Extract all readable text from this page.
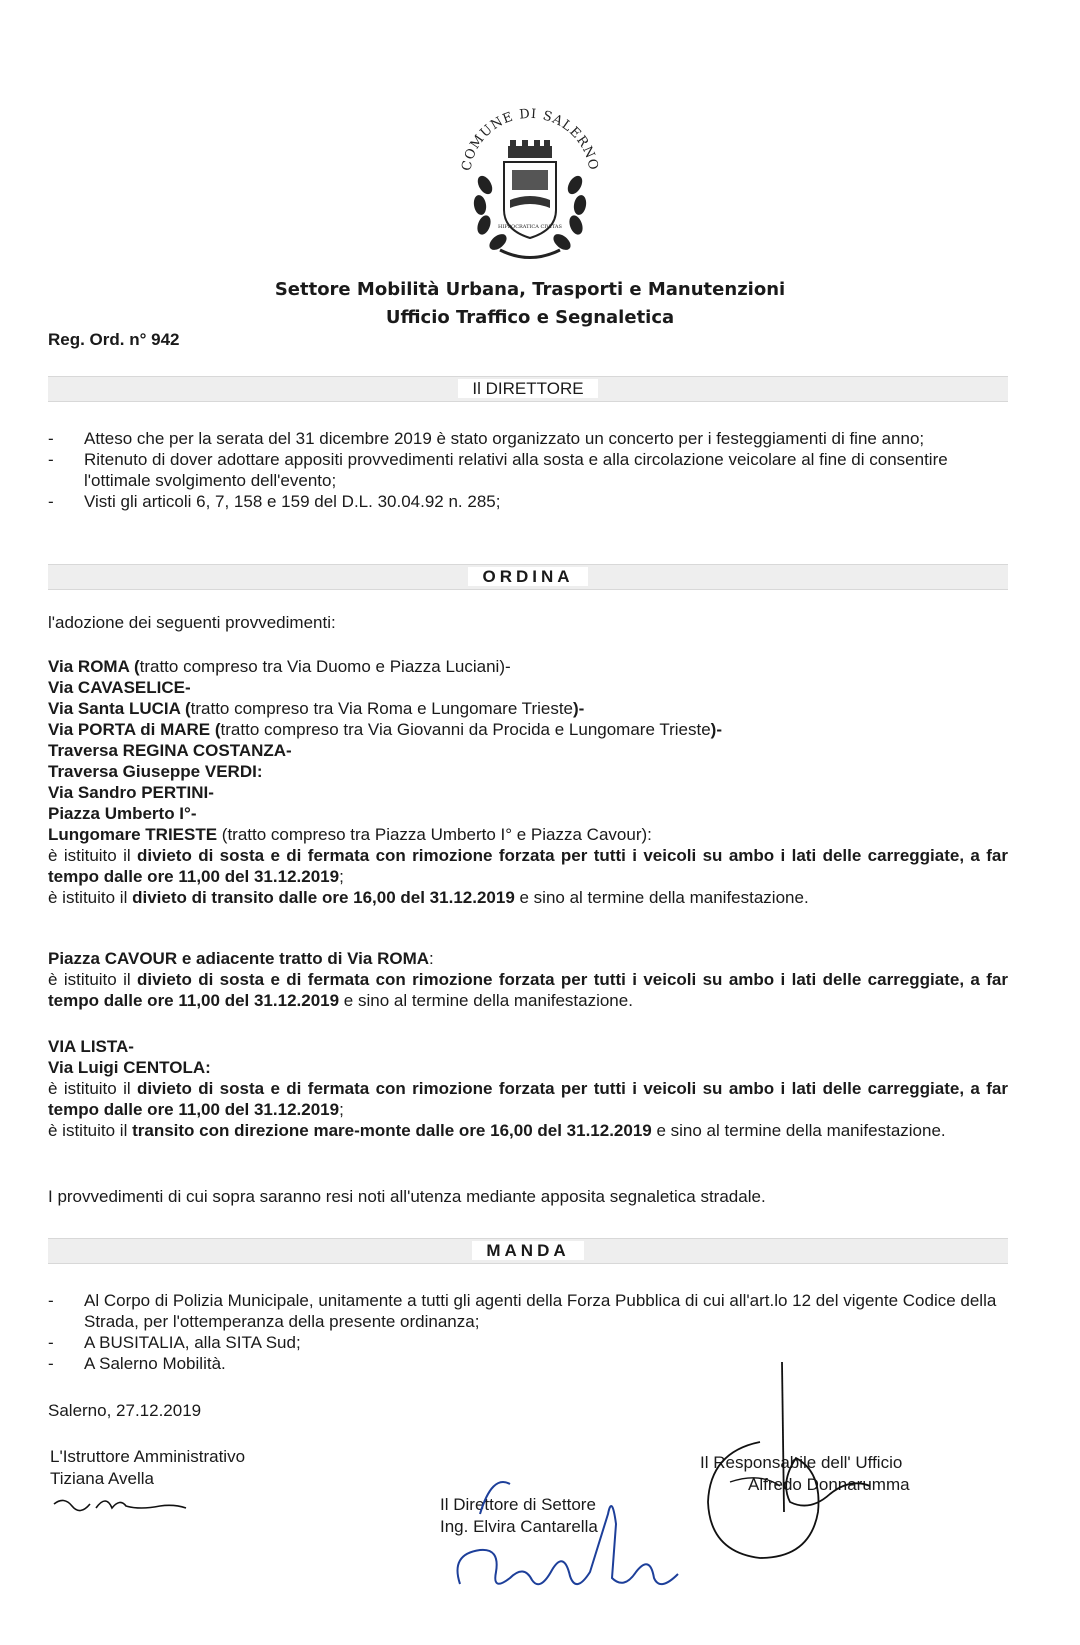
COMUNE DI SALERNO
HIPPOCRATICA CIVITAS
Settore Mobilità Urbana, Trasporti e Manutenzioni
Ufficio Traffico e Segnaletica
Reg. Ord. n° 942
Il DIRETTORE
- Atteso che per la serata del 31 dicembre 2019 è stato organizzato un concerto per i festeggiamenti di fine anno;
- Ritenuto di dover adottare appositi provvedimenti relativi alla sosta e alla circolazione veicolare al fine di consentire l'ottimale svolgimento dell'evento;
- Visti gli articoli 6, 7, 158 e 159 del D.L. 30.04.92 n. 285;
ORDINA

l'adozione dei seguenti provvedimenti:

Via ROMA (tratto compreso tra Via Duomo e Piazza Luciani)-

Via CAVASELICE-

Via Santa LUCIA (tratto compreso tra Via Roma e Lungomare Trieste)-

Via PORTA di MARE (tratto compreso tra Via Giovanni da Procida e Lungomare Trieste)-

Traversa REGINA COSTANZA-

Traversa Giuseppe VERDI:

Via Sandro PERTINI-

Piazza Umberto I°-

Lungomare TRIESTE (tratto compreso tra Piazza Umberto I° e Piazza Cavour):

è istituito il divieto di sosta e di fermata con rimozione forzata per tutti i veicoli su ambo i lati delle carreggiate, a far tempo dalle ore 11,00 del 31.12.2019;

è istituito il divieto di transito dalle ore 16,00 del 31.12.2019 e sino al termine della manifestazione.

Piazza CAVOUR e adiacente tratto di Via ROMA:

è istituito il divieto di sosta e di fermata con rimozione forzata per tutti i veicoli su ambo i lati delle carreggiate, a far tempo dalle ore 11,00 del 31.12.2019 e sino al termine della manifestazione.

VIA LISTA-

Via Luigi CENTOLA:

è istituito il divieto di sosta e di fermata con rimozione forzata per tutti i veicoli su ambo i lati delle carreggiate, a far tempo dalle ore 11,00 del 31.12.2019;

è istituito il transito con direzione mare-monte dalle ore 16,00 del 31.12.2019 e sino al termine della manifestazione.

I provvedimenti di cui sopra saranno resi noti all'utenza mediante apposita segnaletica stradale.

MANDA
- Al Corpo di Polizia Municipale, unitamente a tutti gli agenti della Forza Pubblica di cui all'art.lo 12 del vigente Codice della Strada, per l'ottemperanza della presente ordinanza;
- A BUSITALIA, alla SITA Sud;
- A Salerno Mobilità.

Salerno, 27.12.2019

L'Istruttore Amministrativo
Tiziana Avella
Il Direttore di Settore
Ing. Elvira Cantarella
Il Responsabile dell' Ufficio
Alfredo Donnarumma
